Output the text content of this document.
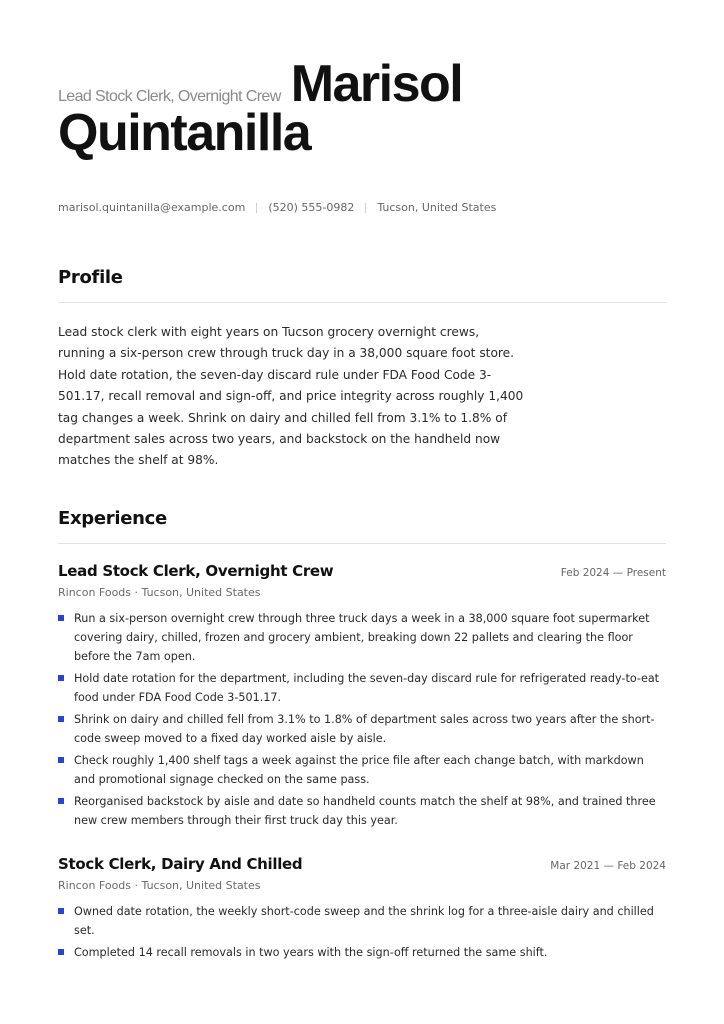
Lead Stock Clerk, Overnight Crew Marisol
Quintanilla
marisol.quintanilla@example.com (520) 555-0982 Tucson, United States
Profile

Lead stock clerk with eight years on Tucson grocery overnight crews, running a six-person crew through truck day in a 38,000 square foot store. Hold date rotation, the seven-day discard rule under FDA Food Code 3-501.17, recall removal and sign-off, and price integrity across roughly 1,400 tag changes a week. Shrink on dairy and chilled fell from 3.1% to 1.8% of department sales across two years, and backstock on the handheld now matches the shelf at 98%.

Experience
Lead Stock Clerk, Overnight Crew	Feb 2024 — Present
Rincon Foods · Tucson, United States
Run a six-person overnight crew through three truck days a week in a 38,000 square foot supermarket covering dairy, chilled, frozen and grocery ambient, breaking down 22 pallets and clearing the floor before the 7am open.
Hold date rotation for the department, including the seven-day discard rule for refrigerated ready-to-eat food under FDA Food Code 3-501.17.
Shrink on dairy and chilled fell from 3.1% to 1.8% of department sales across two years after the short-code sweep moved to a fixed day worked aisle by aisle.
Check roughly 1,400 shelf tags a week against the price file after each change batch, with markdown and promotional signage checked on the same pass.
Reorganised backstock by aisle and date so handheld counts match the shelf at 98%, and trained three new crew members through their first truck day this year.
Stock Clerk, Dairy And Chilled	Mar 2021 — Feb 2024
Rincon Foods · Tucson, United States
Owned date rotation, the weekly short-code sweep and the shrink log for a three-aisle dairy and chilled set.
Completed 14 recall removals in two years with the sign-off returned the same shift.
